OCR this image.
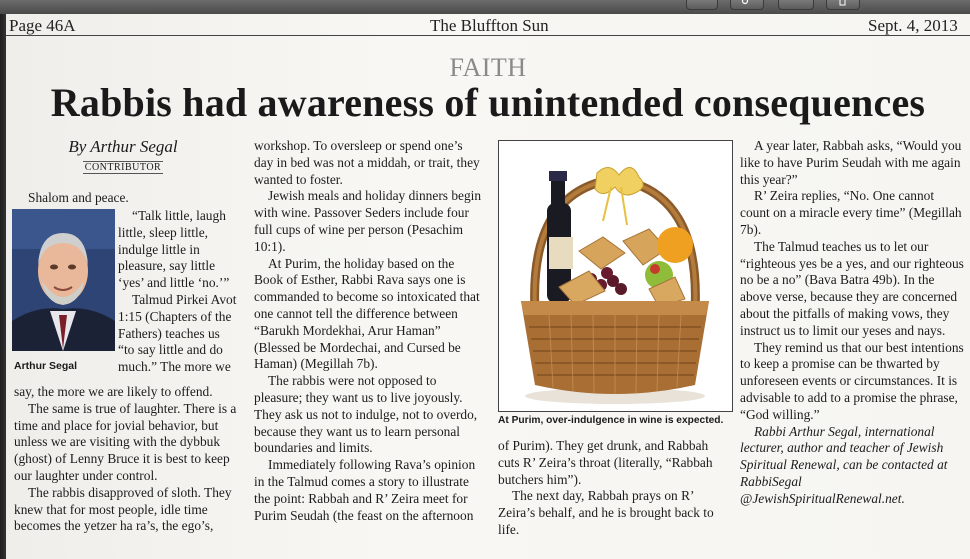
Page 46A	The Bluffton Sun	Sept. 4, 2013
FAITH
Rabbis had awareness of unintended consequences
By Arthur Segal
CONTRIBUTOR

Shalom and peace.

Arthur Segal

“Talk little, laugh little, sleep little, indulge little in pleasure, say little ‘yes’ and little ‘no.’”

Talmud Pirkei Avot 1:15 (Chapters of the Fathers) teaches us “to say little and do much.” The more we

say, the more we are likely to offend.

The same is true of laughter. There is a time and place for jovial behavior, but unless we are visiting with the dybbuk (ghost) of Lenny Bruce it is best to keep our laughter under control.

The rabbis disapproved of sloth. They knew that for most people, idle time becomes the yetzer ha ra’s, the ego’s,

workshop. To oversleep or spend one’s day in bed was not a middah, or trait, they wanted to foster.

Jewish meals and holiday dinners begin with wine. Passover Seders include four full cups of wine per person (Pesachim 10:1).

At Purim, the holiday based on the Book of Esther, Rabbi Rava says one is commanded to become so intoxicated that one cannot tell the difference between “Barukh Mordekhai, Arur Haman” (Blessed be Mordechai, and Cursed be Haman) (Megillah 7b).

The rabbis were not opposed to pleasure; they want us to live joyously. They ask us not to indulge, not to overdo, because they want us to learn personal boundaries and limits.

Immediately following Rava’s opinion in the Talmud comes a story to illustrate the point: Rabbah and R’ Zeira meet for Purim Seudah (the feast on the afternoon

At Purim, over-indulgence in wine is expected.

of Purim). They get drunk, and Rabbah cuts R’ Zeira’s throat (literally, “Rabbah butchers him”).

The next day, Rabbah prays on R’ Zeira’s behalf, and he is brought back to life.

A year later, Rabbah asks, “Would you like to have Purim Seudah with me again this year?”

R’ Zeira replies, “No. One cannot count on a miracle every time” (Megillah 7b).

The Talmud teaches us to let our “righteous yes be a yes, and our righteous no be a no” (Bava Batra 49b). In the above verse, because they are concerned about the pitfalls of making vows, they instruct us to limit our yeses and nays.

They remind us that our best intentions to keep a promise can be thwarted by unforeseen events or circumstances. It is advisable to add to a promise the phrase, “God willing.”

Rabbi Arthur Segal, international lecturer, author and teacher of Jewish Spiritual Renewal, can be contacted at RabbiSegal @JewishSpiritualRenewal.net.
